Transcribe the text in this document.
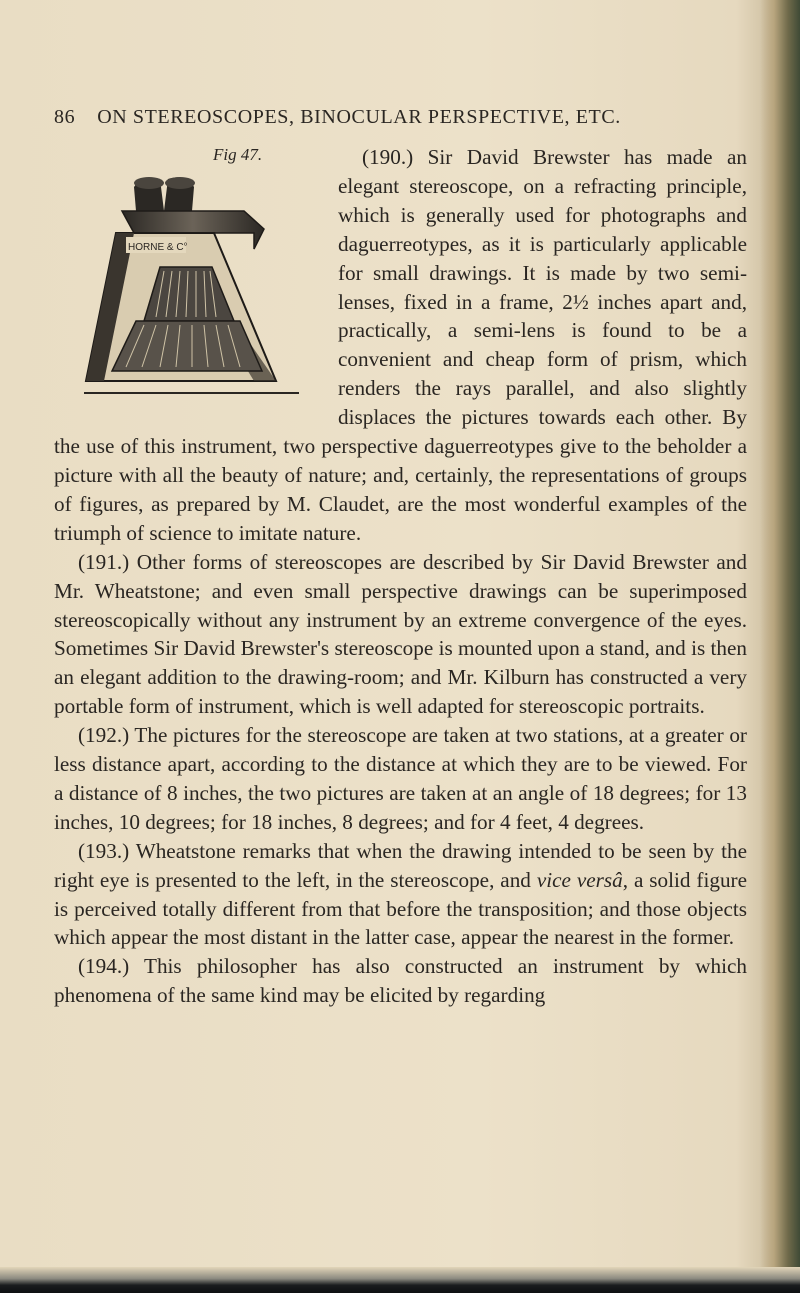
86 ON STEREOSCOPES, BINOCULAR PERSPECTIVE, ETC.

Fig 47.
HORNE & C°
(190.) Sir David Brewster has made an elegant stereoscope, on a refracting principle, which is generally used for photographs and daguerreotypes, as it is particularly applicable for small drawings. It is made by two semi-lenses, fixed in a frame, 2½ inches apart and, practically, a semi-lens is found to be a convenient and cheap form of prism, which renders the rays parallel, and also slightly displaces the pictures towards each other. By the use of this instrument, two perspective daguerreotypes give to the beholder a picture with all the beauty of nature; and, certainly, the representations of groups of figures, as prepared by M. Claudet, are the most wonderful examples of the triumph of science to imitate nature.

(191.) Other forms of stereoscopes are described by Sir David Brewster and Mr. Wheatstone; and even small perspective drawings can be superimposed stereoscopically without any instrument by an extreme convergence of the eyes. Sometimes Sir David Brewster's stereoscope is mounted upon a stand, and is then an elegant addition to the drawing-room; and Mr. Kilburn has constructed a very portable form of instrument, which is well adapted for stereoscopic portraits.

(192.) The pictures for the stereoscope are taken at two stations, at a greater or less distance apart, according to the distance at which they are to be viewed. For a distance of 8 inches, the two pictures are taken at an angle of 18 degrees; for 13 inches, 10 degrees; for 18 inches, 8 degrees; and for 4 feet, 4 degrees.

(193.) Wheatstone remarks that when the drawing intended to be seen by the right eye is presented to the left, in the stereoscope, and vice versâ, a solid figure is perceived totally different from that before the transposition; and those objects which appear the most distant in the latter case, appear the nearest in the former.

(194.) This philosopher has also constructed an instrument by which phenomena of the same kind may be elicited by regarding
